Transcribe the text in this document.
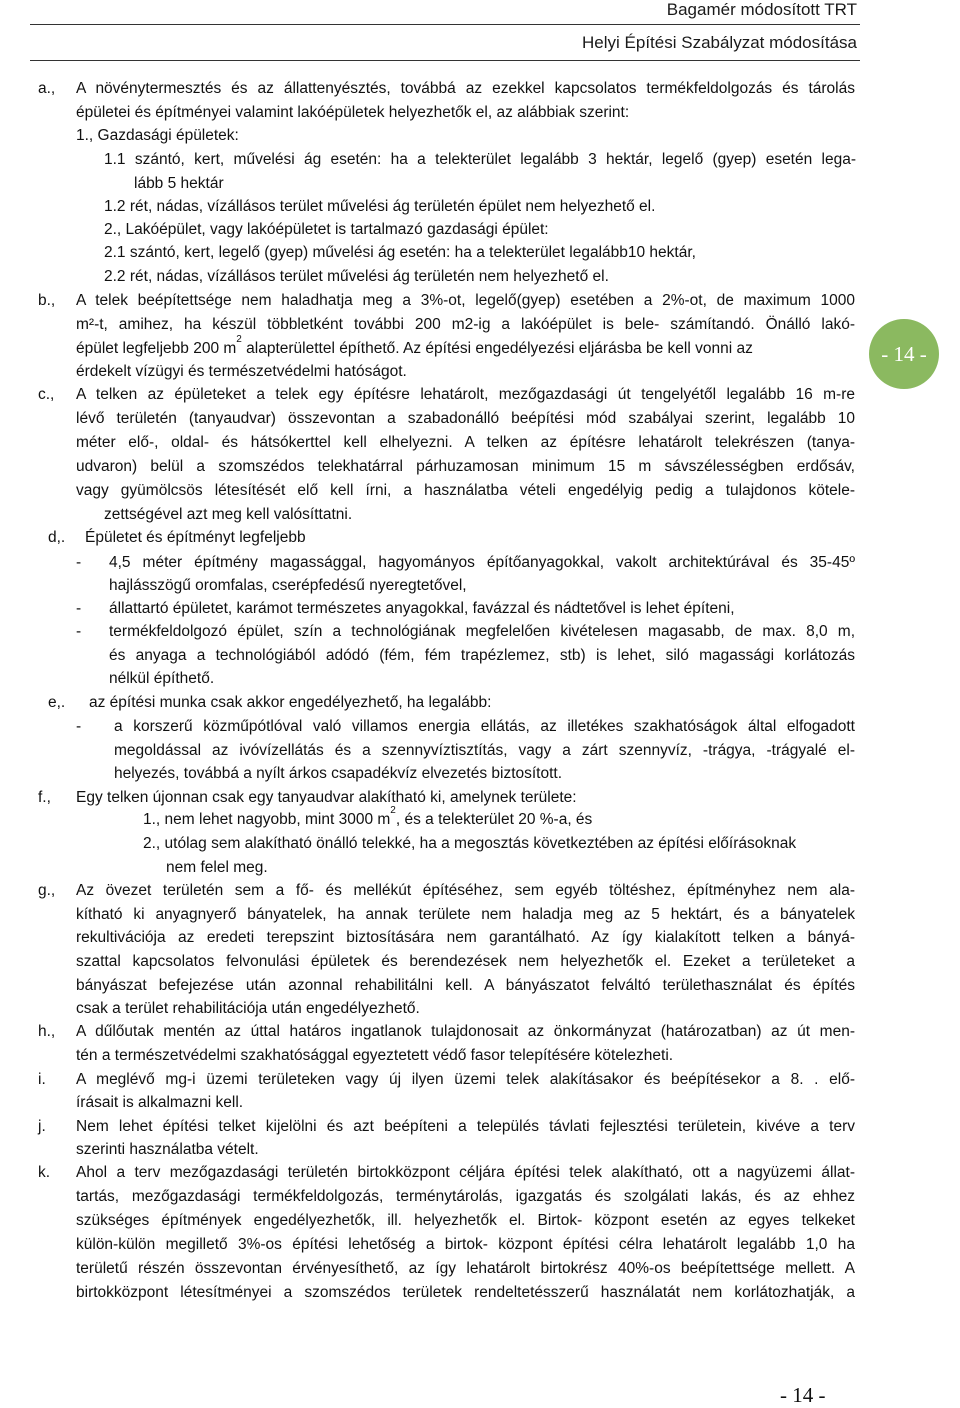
Bagamér módosított TRT
Helyi Építési Szabályzat módosítása
- 14 -
a., A növénytermesztés és az állattenyésztés, továbbá az ezekkel kapcsolatos termékfeldolgozás és tárolás
épületei és építményei valamint lakóépületek helyezhetők el, az alábbiak szerint:
1., Gazdasági épületek:
1.1 szántó, kert, művelési ág esetén: ha a telekterület legalább 3 hektár, legelő (gyep) esetén lega-
lább 5 hektár
1.2 rét, nádas, vízállásos terület művelési ág területén épület nem helyezhető el.
2., Lakóépület, vagy lakóépületet is tartalmazó gazdasági épület:
2.1 szántó, kert, legelő (gyep) művelési ág esetén: ha a telekterület legalább10 hektár,
2.2 rét, nádas, vízállásos terület művelési ág területén nem helyezhető el.
b., A telek beépítettsége nem haladhatja meg a 3%-ot, legelő(gyep) esetében a 2%-ot, de maximum 1000
m²-t, amihez, ha készül többletként további 200 m2-ig a lakóépület is bele- számítandó. Önálló lakó-
épület legfeljebb 200 $m^2$ alapterülettel építhető. Az építési engedélyezési eljárásba be kell vonni az
érdekelt vízügyi és természetvédelmi hatóságot.
c., A telken az épületeket a telek egy építésre lehatárolt, mezőgazdasági út tengelyétől legalább 16 m-re
lévő területén (tanyaudvar) összevontan a szabadonálló beépítési mód szabályai szerint, legalább 10
méter elő-, oldal- és hátsókerttel kell elhelyezni. A telken az építésre lehatárolt telekrészen (tanya-
udvaron) belül a szomszédos telekhatárral párhuzamosan minimum 15 m sávszélességben erdősáv,
vagy gyümölcsös létesítését elő kell írni, a használatba vételi engedélyig pedig a tulajdonos kötele-
zettségével azt meg kell valósíttatni.
d,. Épületet és építményt legfeljebb
- 4,5 méter építmény magassággal, hagyományos építőanyagokkal, vakolt architektúrával és 35-45º
hajlásszögű oromfalas, cserépfedésű nyeregtetővel,
- állattartó épületet, karámot természetes anyagokkal, favázzal és nádtetővel is lehet építeni,
- termékfeldolgozó épület, szín a technológiának megfelelően kivételesen magasabb, de max. 8,0 m,
és anyaga a technológiából adódó (fém, fém trapézlemez, stb) is lehet, siló magassági korlátozás
nélkül építhető.
e,. az építési munka csak akkor engedélyezhető, ha legalább:
- a korszerű közműpótlóval való villamos energia ellátás, az illetékes szakhatóságok által elfogadott
megoldással az ivóvízellátás és a szennyvíztisztítás, vagy a zárt szennyvíz, -trágya, -trágyalé el-
helyezés, továbbá a nyílt árkos csapadékvíz elvezetés biztosított.
f., Egy telken újonnan csak egy tanyaudvar alakítható ki, amelynek területe:
1., nem lehet nagyobb, mint 3000 $m^2$, és a telekterület 20 %-a, és
2., utólag sem alakítható önálló telekké, ha a megosztás következtében az építési előírásoknak
nem felel meg.
g., Az övezet területén sem a fő- és mellékút építéséhez, sem egyéb töltéshez, építményhez nem ala-
kítható ki anyagnyerő bányatelek, ha annak területe nem haladja meg az 5 hektárt, és a bányatelek
rekultivációja az eredeti terepszint biztosítására nem garantálható. Az így kialakított telken a bányá-
szattal kapcsolatos felvonulási épületek és berendezések nem helyezhetők el. Ezeket a területeket a
bányászat befejezése után azonnal rehabilitálni kell. A bányászatot felváltó területhasználat és építés
csak a terület rehabilitációja után engedélyezhető.
h., A dűlőutak mentén az úttal határos ingatlanok tulajdonosait az önkormányzat (határozatban) az út men-
tén a természetvédelmi szakhatósággal egyeztetett védő fasor telepítésére kötelezheti.
i. A meglévő mg-i üzemi területeken vagy új ilyen üzemi telek alakításakor és beépítésekor a 8. . elő-
írásait is alkalmazni kell.
j. Nem lehet építési telket kijelölni és azt beépíteni a település távlati fejlesztési területein, kivéve a terv
szerinti használatba vételt.
k. Ahol a terv mezőgazdasági területén birtokközpont céljára építési telek alakítható, ott a nagyüzemi állat-
tartás, mezőgazdasági termékfeldolgozás, terménytárolás, igazgatás és szolgálati lakás, és az ehhez
szükséges építmények engedélyezhetők, ill. helyezhetők el. Birtok- központ esetén az egyes telkeket
külön-külön megillető 3%-os építési lehetőség a birtok- központ építési célra lehatárolt legalább 1,0 ha
területű részén összevontan érvényesíthető, az így lehatárolt birtokrész 40%-os beépítettsége mellett. A
birtokközpont létesítményei a szomszédos területek rendeltetésszerű használatát nem korlátozhatják, a
- 14 -
